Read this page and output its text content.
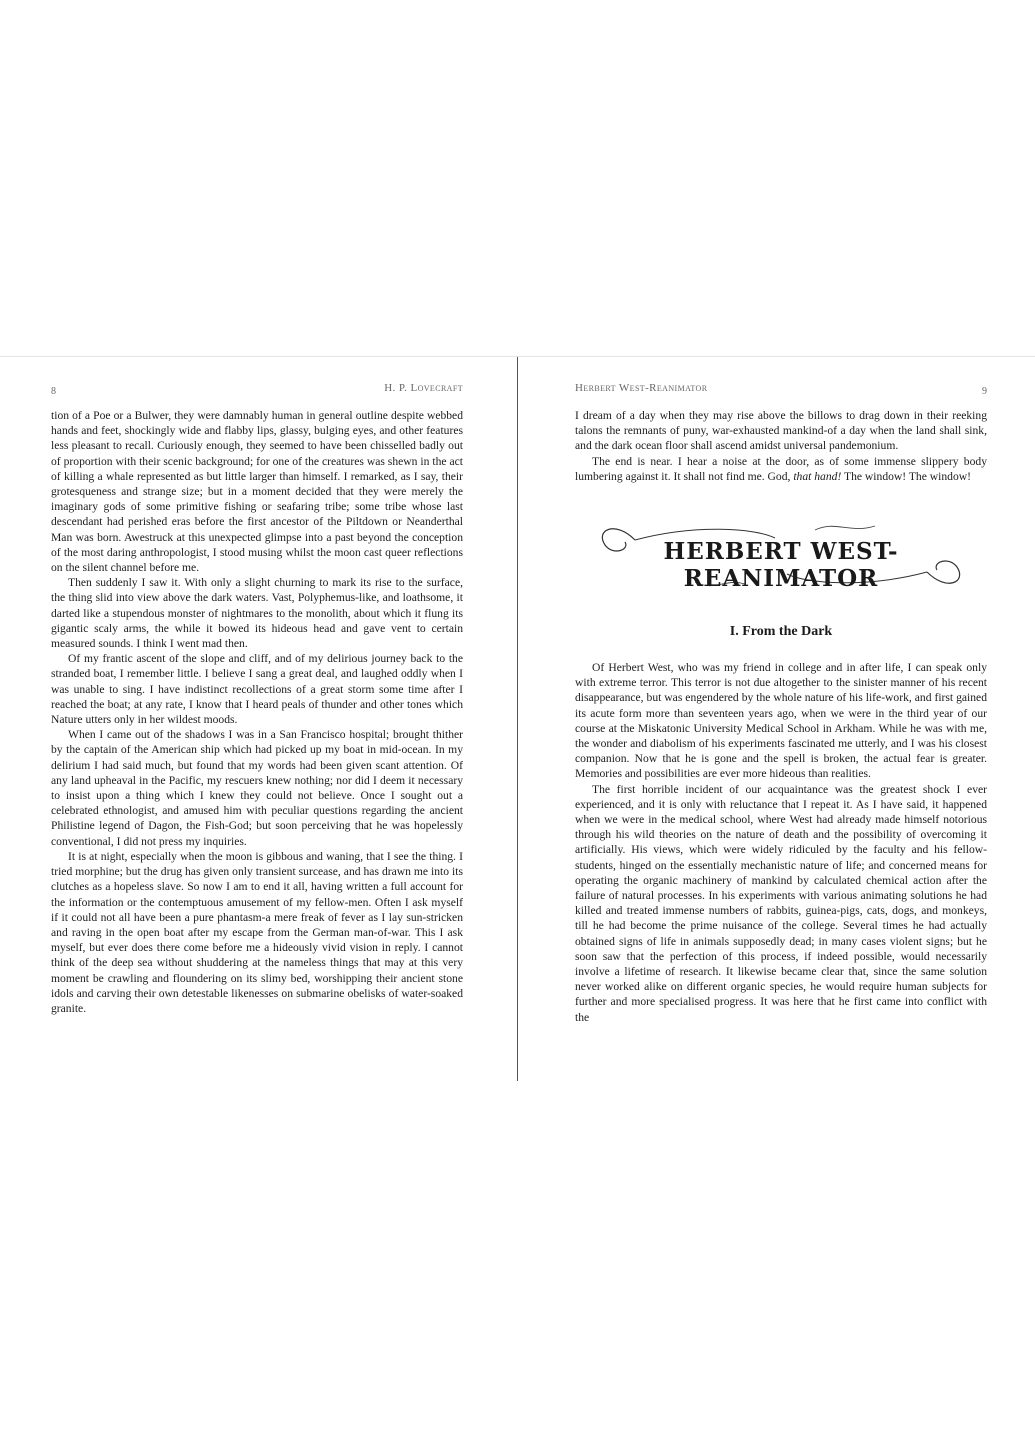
8	H. P. Lovecraft

tion of a Poe or a Bulwer, they were damnably human in general outline despite webbed hands and feet, shockingly wide and flabby lips, glassy, bulging eyes, and other features less pleasant to recall. Curiously enough, they seemed to have been chisselled badly out of proportion with their scenic background; for one of the creatures was shewn in the act of killing a whale represented as but little larger than himself. I remarked, as I say, their grotesqueness and strange size; but in a moment decided that they were merely the imaginary gods of some primitive fishing or seafaring tribe; some tribe whose last descendant had perished eras before the first ancestor of the Piltdown or Neanderthal Man was born. Awestruck at this unexpected glimpse into a past beyond the conception of the most daring anthropologist, I stood musing whilst the moon cast queer reflections on the silent channel before me.

Then suddenly I saw it. With only a slight churning to mark its rise to the surface, the thing slid into view above the dark waters. Vast, Polyphemus-like, and loathsome, it darted like a stupendous monster of nightmares to the monolith, about which it flung its gigantic scaly arms, the while it bowed its hideous head and gave vent to certain measured sounds. I think I went mad then.

Of my frantic ascent of the slope and cliff, and of my delirious journey back to the stranded boat, I remember little. I believe I sang a great deal, and laughed oddly when I was unable to sing. I have indistinct recollections of a great storm some time after I reached the boat; at any rate, I know that I heard peals of thunder and other tones which Nature utters only in her wildest moods.

When I came out of the shadows I was in a San Francisco hospital; brought thither by the captain of the American ship which had picked up my boat in mid-ocean. In my delirium I had said much, but found that my words had been given scant attention. Of any land upheaval in the Pacific, my rescuers knew nothing; nor did I deem it necessary to insist upon a thing which I knew they could not believe. Once I sought out a celebrated ethnologist, and amused him with peculiar questions regarding the ancient Philistine legend of Dagon, the Fish-God; but soon perceiving that he was hopelessly conventional, I did not press my inquiries.

It is at night, especially when the moon is gibbous and waning, that I see the thing. I tried morphine; but the drug has given only transient surcease, and has drawn me into its clutches as a hopeless slave. So now I am to end it all, having written a full account for the information or the contemptuous amusement of my fellow-men. Often I ask myself if it could not all have been a pure phantasm-a mere freak of fever as I lay sun-stricken and raving in the open boat after my escape from the German man-of-war. This I ask myself, but ever does there come before me a hideously vivid vision in reply. I cannot think of the deep sea without shuddering at the nameless things that may at this very moment be crawling and floundering on its slimy bed, worshipping their ancient stone idols and carving their own detestable likenesses on submarine obelisks of water-soaked granite.

Herbert West-Reanimator	9

I dream of a day when they may rise above the billows to drag down in their reeking talons the remnants of puny, war-exhausted mankind-of a day when the land shall sink, and the dark ocean floor shall ascend amidst universal pandemonium.

The end is near. I hear a noise at the door, as of some immense slippery body lumbering against it. It shall not find me. God, that hand! The window! The window!

HERBERT WEST-REANIMATOR
I. From the Dark

Of Herbert West, who was my friend in college and in after life, I can speak only with extreme terror. This terror is not due altogether to the sinister manner of his recent disappearance, but was engendered by the whole nature of his life-work, and first gained its acute form more than seventeen years ago, when we were in the third year of our course at the Miskatonic University Medical School in Arkham. While he was with me, the wonder and diabolism of his experiments fascinated me utterly, and I was his closest companion. Now that he is gone and the spell is broken, the actual fear is greater. Memories and possibilities are ever more hideous than realities.

The first horrible incident of our acquaintance was the greatest shock I ever experienced, and it is only with reluctance that I repeat it. As I have said, it happened when we were in the medical school, where West had already made himself notorious through his wild theories on the nature of death and the possibility of overcoming it artificially. His views, which were widely ridiculed by the faculty and his fellow-students, hinged on the essentially mechanistic nature of life; and concerned means for operating the organic machinery of mankind by calculated chemical action after the failure of natural processes. In his experiments with various animating solutions he had killed and treated immense numbers of rabbits, guinea-pigs, cats, dogs, and monkeys, till he had become the prime nuisance of the college. Several times he had actually obtained signs of life in animals supposedly dead; in many cases violent signs; but he soon saw that the perfection of this process, if indeed possible, would necessarily involve a lifetime of research. It likewise became clear that, since the same solution never worked alike on different organic species, he would require human subjects for further and more specialised progress. It was here that he first came into conflict with the
